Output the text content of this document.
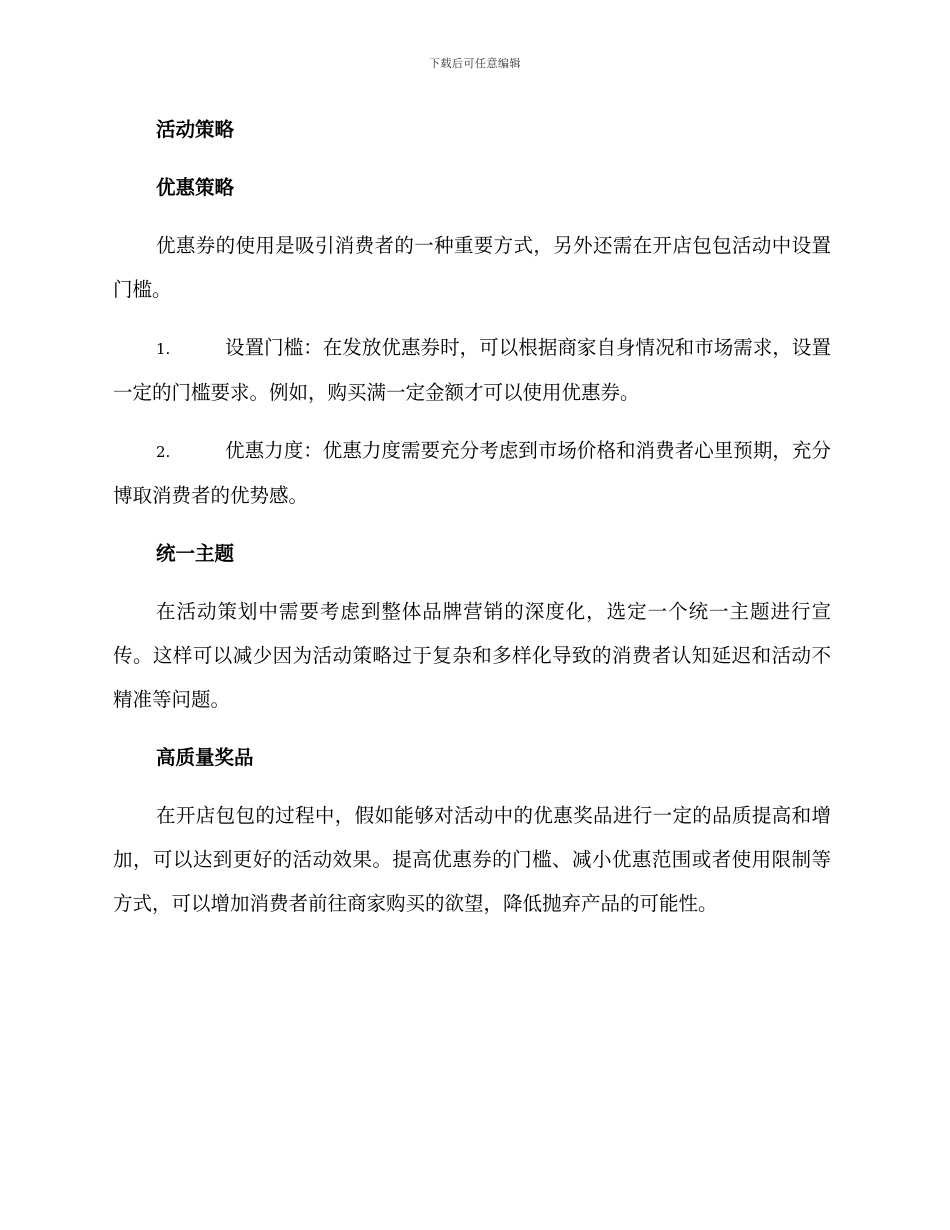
下载后可任意编辑
活动策略
优惠策略

优惠券的使用是吸引消费者的一种重要方式，另外还需在开店包包活动中设置门槛。

1.	设置门槛：在发放优惠券时，可以根据商家自身情况和市场需求，设置一定的门槛要求。例如，购买满一定金额才可以使用优惠券。

2.	优惠力度：优惠力度需要充分考虑到市场价格和消费者心里预期，充分博取消费者的优势感。

统一主题

在活动策划中需要考虑到整体品牌营销的深度化，选定一个统一主题进行宣传。这样可以减少因为活动策略过于复杂和多样化导致的消费者认知延迟和活动不精准等问题。

高质量奖品

在开店包包的过程中，假如能够对活动中的优惠奖品进行一定的品质提高和增加，可以达到更好的活动效果。提高优惠券的门槛、减小优惠范围或者使用限制等方式，可以增加消费者前往商家购买的欲望，降低抛弃产品的可能性。
